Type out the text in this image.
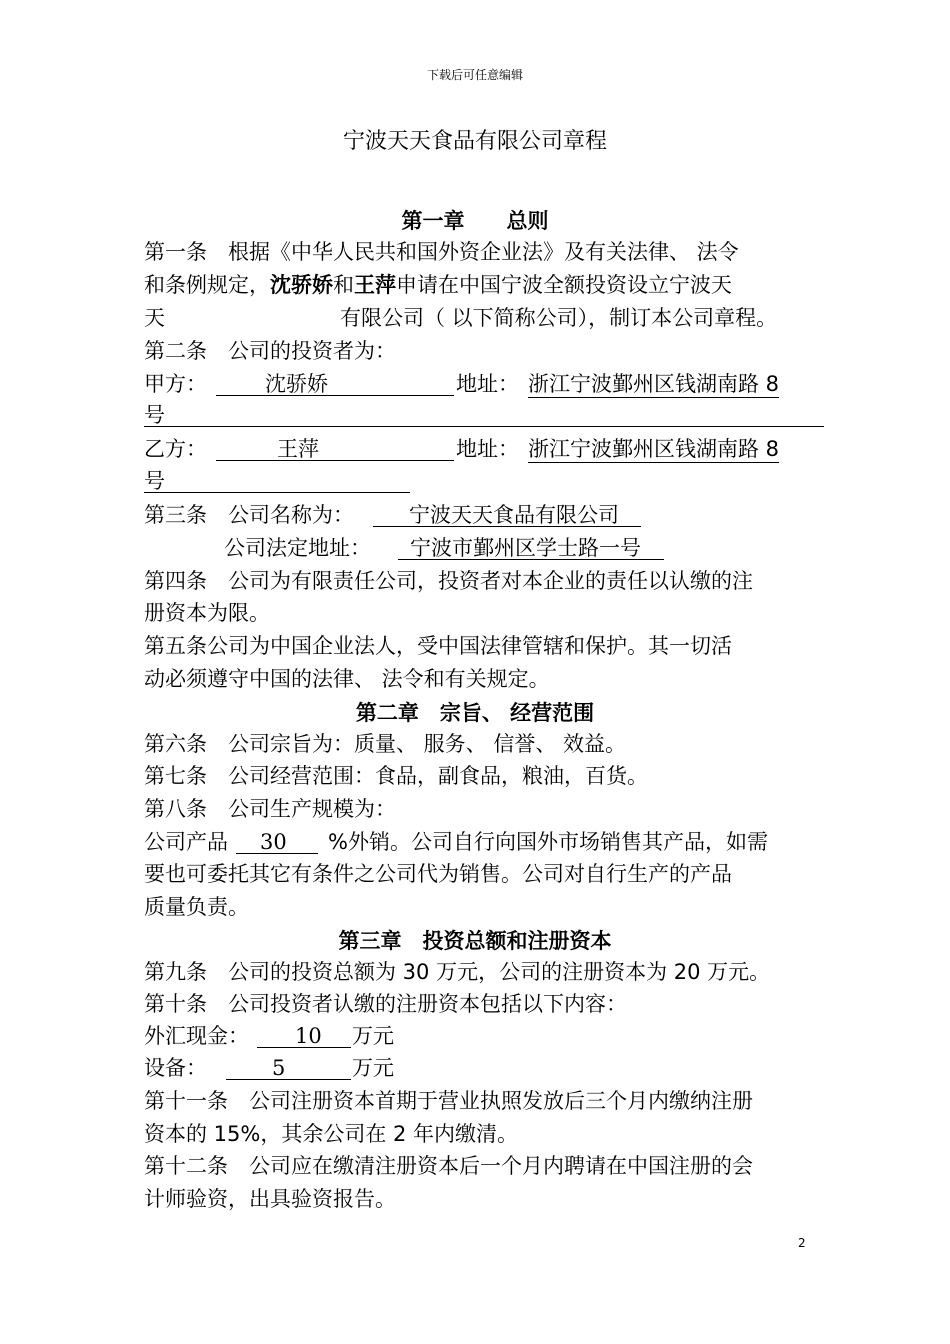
下载后可任意编辑
宁波天天食品有限公司章程
第一章　　总则
第一条　根据《中华人民共和国外资企业法》及有关法律、 法令
和条例规定，沈骄娇和王萍申请在中国宁波全额投资设立宁波天
天	有限公司（ 以下简称公司），制订本公司章程。
第二条　公司的投资者为：
甲方：	沈骄娇	地址： 浙江宁波鄞州区钱湖南路 8
号
乙方：	王萍	地址： 浙江宁波鄞州区钱湖南路 8
号
第三条　公司名称为：	宁波天天食品有限公司
公司法定地址： 宁波市鄞州区学士路一号
第四条　公司为有限责任公司，投资者对本企业的责任以认缴的注
册资本为限。
第五条公司为中国企业法人，受中国法律管辖和保护。其一切活
动必须遵守中国的法律、 法令和有关规定。
第二章　宗旨、 经营范围
第六条　公司宗旨为：质量、 服务、 信誉、 效益。
第七条　公司经营范围：食品，副食品，粮油，百货。
第八条　公司生产规模为：
公司产品 30 %外销。公司自行向国外市场销售其产品，如需
要也可委托其它有条件之公司代为销售。公司对自行生产的产品
质量负责。
第三章　投资总额和注册资本
第九条　公司的投资总额为 30 万元，公司的注册资本为 20 万元。
第十条　公司投资者认缴的注册资本包括以下内容：
外汇现金： 10 万元
设备：	5	万元
第十一条　公司注册资本首期于营业执照发放后三个月内缴纳注册
资本的 15%，其余公司在 2 年内缴清。
第十二条　公司应在缴清注册资本后一个月内聘请在中国注册的会
计师验资，出具验资报告。
2
